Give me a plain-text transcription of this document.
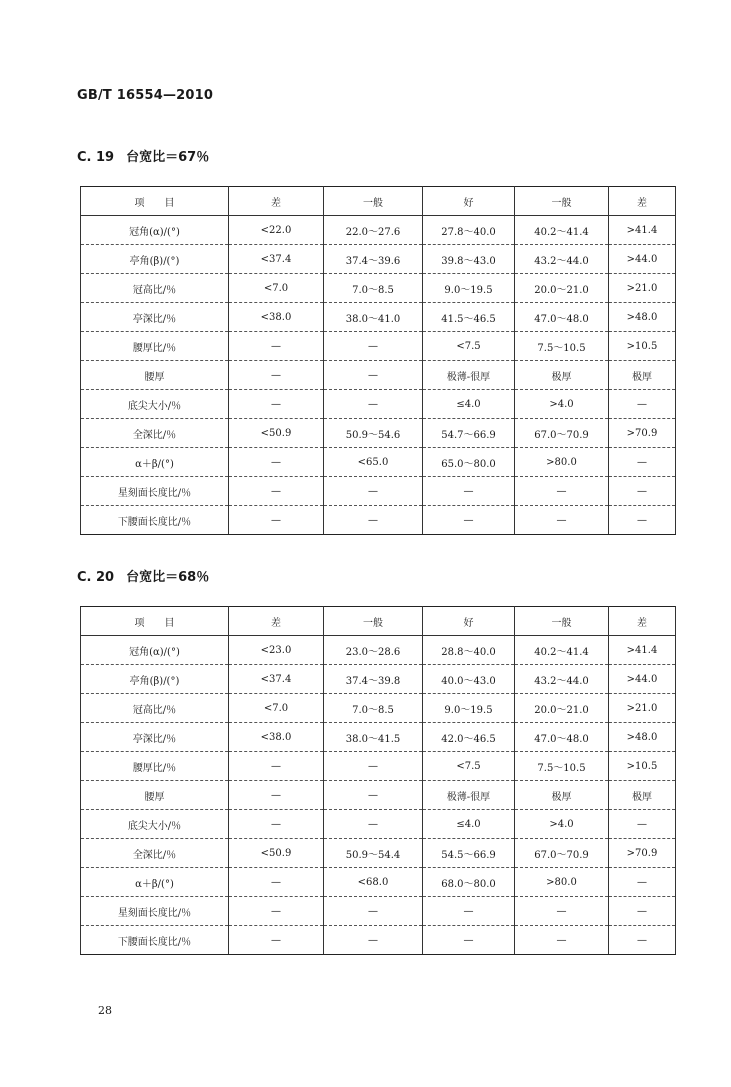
GB/T 16554—2010
C. 19 台宽比＝67％
项　　目	差	一般	好	一般	差
冠角(α)/(°)	<22.0	22.0～27.6	27.8～40.0	40.2～41.4	>41.4
亭角(β)/(°)	<37.4	37.4～39.6	39.8～43.0	43.2～44.0	>44.0
冠高比/％	<7.0	7.0～8.5	9.0～19.5	20.0～21.0	>21.0
亭深比/％	<38.0	38.0～41.0	41.5～46.5	47.0～48.0	>48.0
腰厚比/％	—	—	<7.5	7.5～10.5	>10.5
腰厚	—	—	极薄-很厚	极厚	极厚
底尖大小/％	—	—	≤4.0	>4.0	—
全深比/％	<50.9	50.9～54.6	54.7～66.9	67.0～70.9	>70.9
α＋β/(°)	—	<65.0	65.0～80.0	>80.0	—
星刻面长度比/％	—	—	—	—	—
下腰面长度比/％	—	—	—	—	—
C. 20 台宽比＝68％
项　　目	差	一般	好	一般	差
冠角(α)/(°)	<23.0	23.0～28.6	28.8～40.0	40.2～41.4	>41.4
亭角(β)/(°)	<37.4	37.4～39.8	40.0～43.0	43.2～44.0	>44.0
冠高比/％	<7.0	7.0～8.5	9.0～19.5	20.0～21.0	>21.0
亭深比/％	<38.0	38.0～41.5	42.0～46.5	47.0～48.0	>48.0
腰厚比/％	—	—	<7.5	7.5～10.5	>10.5
腰厚	—	—	极薄-很厚	极厚	极厚
底尖大小/％	—	—	≤4.0	>4.0	—
全深比/％	<50.9	50.9～54.4	54.5～66.9	67.0～70.9	>70.9
α＋β/(°)	—	<68.0	68.0～80.0	>80.0	—
星刻面长度比/％	—	—	—	—	—
下腰面长度比/％	—	—	—	—	—
28
